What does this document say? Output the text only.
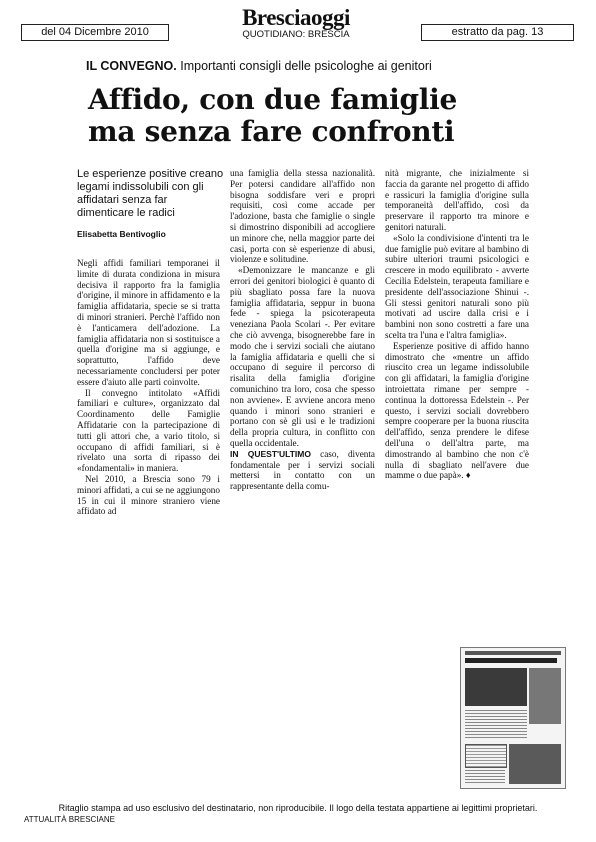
del 04 Dicembre 2010
Bresciaoggi
QUOTIDIANO: BRESCIA	estratto da pag. 13
IL CONVEGNO. Importanti consigli delle psicologhe ai genitori
Affido, con due famiglie
ma senza fare confronti

Le esperienze positive creano legami indissolubili con gli affidatari senza far dimenticare le radici

Elisabetta Bentivoglio

Negli affidi familiari temporanei il limite di durata condiziona in misura decisiva il rapporto fra la famiglia d'origine, il minore in affidamento e la famiglia affidataria, specie se si tratta di minori stranieri. Perchè l'affido non è l'anticamera dell'adozione. La famiglia affidataria non si sostituisce a quella d'origine ma si aggiunge, e soprattutto, l'affido deve necessariamente concludersi per poter essere d'aiuto alle parti coinvolte.

Il convegno intitolato «Affidi familiari e culture», organizzato dal Coordinamento delle Famiglie Affidatarie con la partecipazione di tutti gli attori che, a vario titolo, si occupano di affidi familiari, si è rivelato una sorta di ripasso dei «fondamentali» in maniera.

Nel 2010, a Brescia sono 79 i minori affidati, a cui se ne aggiungono 15 in cui il minore straniero viene affidato ad

una famiglia della stessa nazionalità. Per potersi candidare all'affido non bisogna soddisfare veri e propri requisiti, così come accade per l'adozione, basta che famiglie o single si dimostrino disponibili ad accogliere un minore che, nella maggior parte dei casi, porta con sè esperienze di abusi, violenze e solitudine.

«Demonizzare le mancanze e gli errori dei genitori biologici è quanto di più sbagliato possa fare la nuova famiglia affidataria, seppur in buona fede - spiega la psicoterapeuta veneziana Paola Scolari -. Per evitare che ciò avvenga, bisognerebbe fare in modo che i servizi sociali che aiutano la famiglia affidataria e quelli che si occupano di seguire il percorso di risalita della famiglia d'origine comunichino tra loro, cosa che spesso non avviene». E avviene ancora meno quando i minori sono stranieri e portano con sè gli usi e le tradizioni della propria cultura, in conflitto con quella occidentale.

IN QUEST'ULTIMO caso, diventa fondamentale per i servizi sociali mettersi in contatto con un rappresentante della comu-

nità migrante, che inizialmente si faccia da garante nel progetto di affido e rassicuri la famiglia d'origine sulla temporaneità dell'affido, così da preservare il rapporto tra minore e genitori naturali.

«Solo la condivisione d'intenti tra le due famiglie può evitare al bambino di subire ulteriori traumi psicologici e crescere in modo equilibrato - avverte Cecilia Edelstein, terapeuta familiare e presidente dell'associazione Shinui -. Gli stessi genitori naturali sono più motivati ad uscire dalla crisi e i bambini non sono costretti a fare una scelta tra l'una e l'altra famiglia».

Esperienze positive di affido hanno dimostrato che «mentre un affido riuscito crea un legame indissolubile con gli affidatari, la famiglia d'origine introiettata rimane per sempre - continua la dottoressa Edelstein -. Per questo, i servizi sociali dovrebbero sempre cooperare per la buona riuscita dell'affido, senza prendere le difese dell'una o dell'altra parte, ma dimostrando al bambino che non c'è nulla di sbagliato nell'avere due mamme o due papà». ♦

Ritaglio stampa ad uso esclusivo del destinatario, non riproducibile. Il logo della testata appartiene ai legittimi proprietari.
ATTUALITÀ BRESCIANE
